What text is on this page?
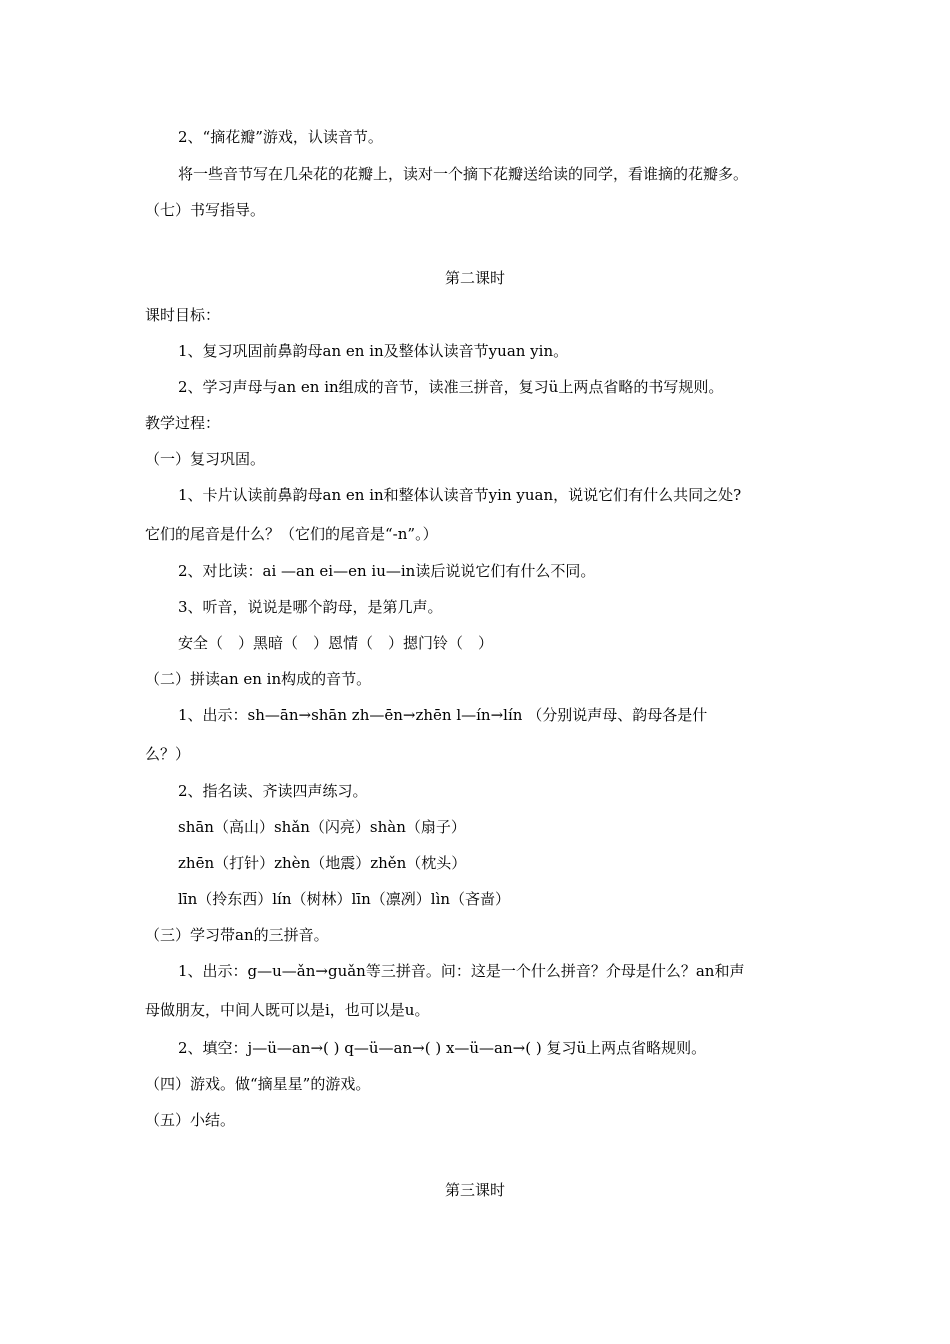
2、“摘花瓣”游戏，认读音节。
将一些音节写在几朵花的花瓣上，读对一个摘下花瓣送给读的同学，看谁摘的花瓣多。
（七）书写指导。
第二课时
课时目标：
1、复习巩固前鼻韵母an en in及整体认读音节yuan yin。
2、学习声母与an en in组成的音节，读准三拼音，复习ü上两点省略的书写规则。
教学过程：
（一）复习巩固。
1、卡片认读前鼻韵母an en in和整体认读音节yin yuan，说说它们有什么共同之处?
它们的尾音是什么？（它们的尾音是“-n”。）
2、对比读：ai —an ei—en iu—in读后说说它们有什么不同。
3、听音，说说是哪个韵母，是第几声。
安全（　）黑暗（　）恩情（　）摁门铃（　）
（二）拼读an en in构成的音节。
1、出示：sh—ān→shān zh—ēn→zhēn l—ín→lín （分别说声母、韵母各是什
么？）
2、指名读、齐读四声练习。
shān（高山）shǎn（闪亮）shàn（扇子）
zhēn（打针）zhèn（地震）zhěn（枕头）
līn（拎东西）lín（树林）līn（凛冽）lìn（吝啬）
（三）学习带an的三拼音。
1、出示：g—u—ǎn→guǎn等三拼音。问：这是一个什么拼音？介母是什么？an和声
母做朋友，中间人既可以是i，也可以是u。
2、填空：j—ü—an→( ) q—ü—an→( ) x—ü—an→( ) 复习ü上两点省略规则。
（四）游戏。做“摘星星”的游戏。
（五）小结。
第三课时
